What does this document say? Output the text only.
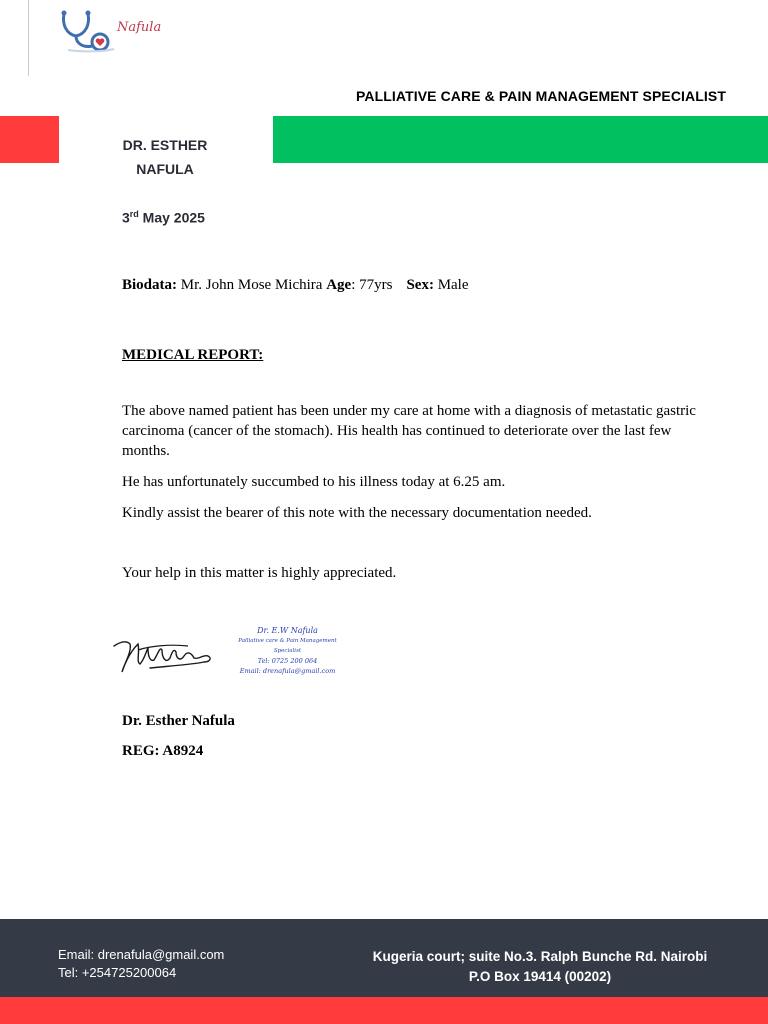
Nafula
PALLIATIVE CARE & PAIN MANAGEMENT SPECIALIST
DR. ESTHER
NAFULA
3rd May 2025
Biodata: Mr. John Mose Michira Age: 77yrs Sex: Male
MEDICAL REPORT:
The above named patient has been under my care at home with a diagnosis of metastatic gastric carcinoma (cancer of the stomach). His health has continued to deteriorate over the last few months.
He has unfortunately succumbed to his illness today at 6.25 am.
Kindly assist the bearer of this note with the necessary documentation needed.
Your help in this matter is highly appreciated.
Dr. E.W Nafula
Palliative care & Pain Management Specialist
Tel: 0725 200 064
Email: drenafula@gmail.com
Dr. Esther Nafula
REG: A8924
Email: drenafula@gmail.com
Tel: +254725200064
Kugeria court; suite No.3. Ralph Bunche Rd. Nairobi
P.O Box 19414 (00202)
